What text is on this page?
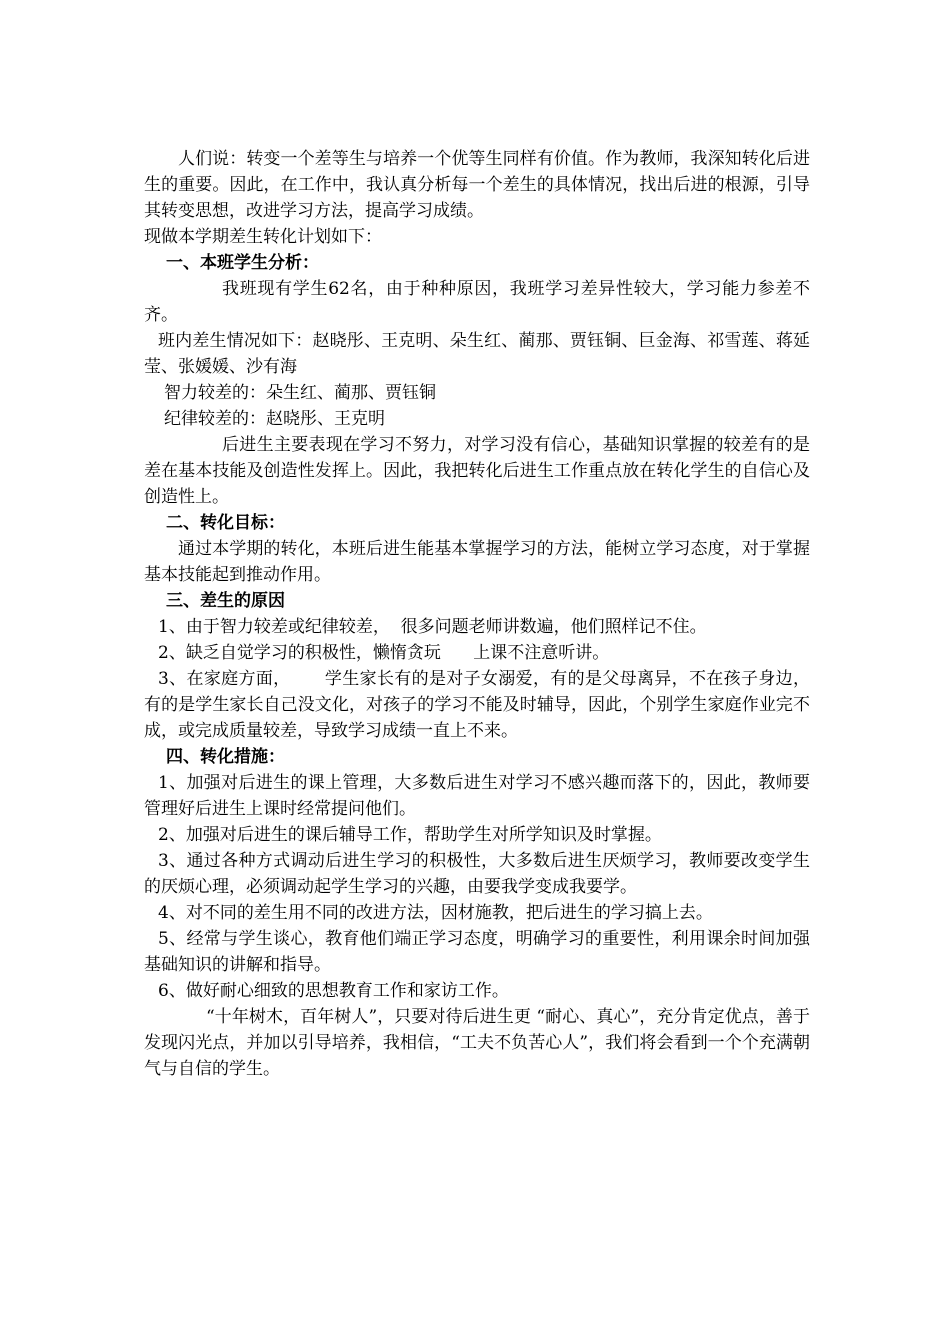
人们说：转变一个差等生与培养一个优等生同样有价值。作为教师，我深知转化后进生的重要。因此，在工作中，我认真分析每一个差生的具体情况，找出后进的根源，引导其转变思想，改进学习方法，提高学习成绩。

现做本学期差生转化计划如下：

一、本班学生分析：

我班现有学生62名，由于种种原因，我班学习差异性较大，学习能力参差不齐。

班内差生情况如下：赵晓彤、王克明、朵生红、蔺那、贾钰铜、巨金海、祁雪莲、蒋延 莹、张媛媛、沙有海

智力较差的：朵生红、蔺那、贾钰铜

纪律较差的：赵晓彤、王克明

后进生主要表现在学习不努力，对学习没有信心，基础知识掌握的较差有的是差在基本技能及创造性发挥上。因此，我把转化后进生工作重点放在转化学生的自信心及创造性上。

二、转化目标：

通过本学期的转化，本班后进生能基本掌握学习的方法，能树立学习态度，对于掌握基本技能起到推动作用。

三、差生的原因

1、由于智力较差或纪律较差，  很多问题老师讲数遍，他们照样记不住。

2、缺乏自觉学习的积极性，懒惰贪玩      上课不注意听讲。

3、在家庭方面，      学生家长有的是对子女溺爱，有的是父母离异，不在孩子身边，有的是学生家长自己没文化，对孩子的学习不能及时辅导，因此，个别学生家庭作业完不成，或完成质量较差，导致学习成绩一直上不来。

四、转化措施：

1、加强对后进生的课上管理，大多数后进生对学习不感兴趣而落下的，因此，教师要管理好后进生上课时经常提问他们。

2、加强对后进生的课后辅导工作，帮助学生对所学知识及时掌握。

3、通过各种方式调动后进生学习的积极性，大多数后进生厌烦学习，教师要改变学生的厌烦心理，必须调动起学生学习的兴趣，由要我学变成我要学。

4、对不同的差生用不同的改进方法，因材施教，把后进生的学习搞上去。

5、经常与学生谈心，教育他们端正学习态度，明确学习的重要性，利用课余时间加强基础知识的讲解和指导。

6、做好耐心细致的思想教育工作和家访工作。

“十年树木，百年树人”，只要对待后进生更 “耐心、真心”，充分肯定优点，善于发现闪光点，并加以引导培养，我相信，“工夫不负苦心人”，我们将会看到一个个充满朝气与自信的学生。
